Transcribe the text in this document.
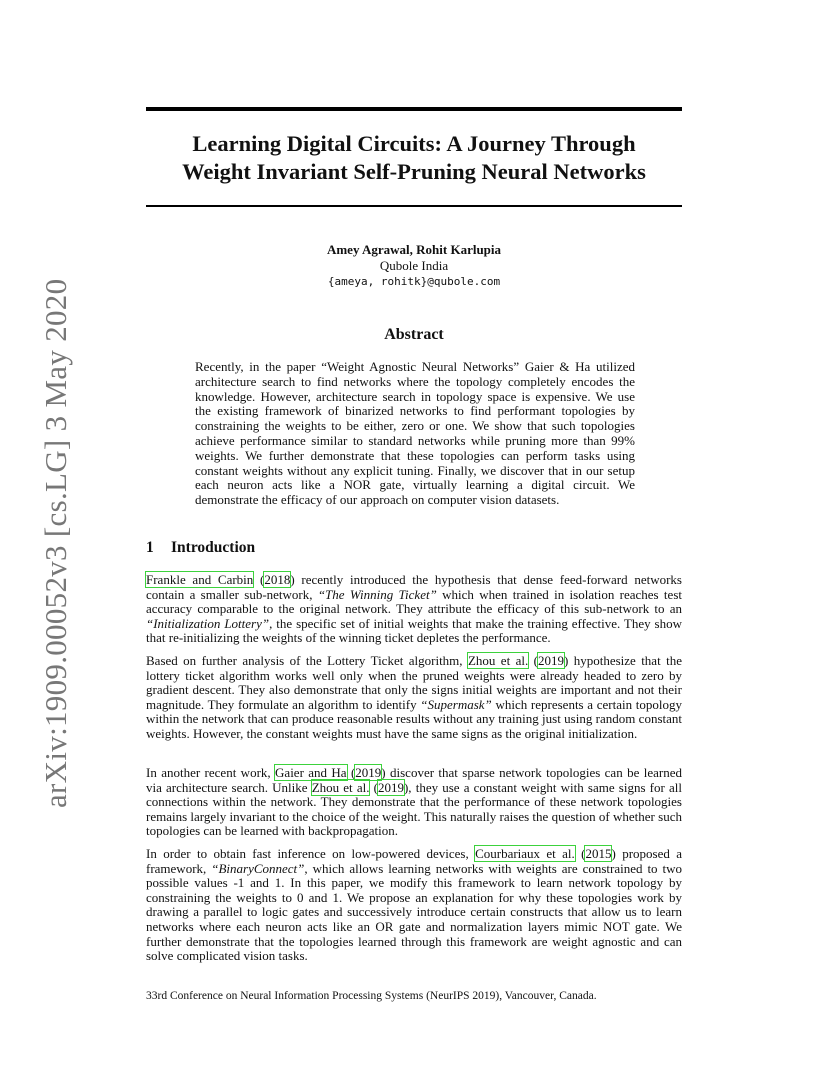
arXiv:1909.00052v3 [cs.LG] 3 May 2020
Learning Digital Circuits: A Journey Through
Weight Invariant Self-Pruning Neural Networks
Amey Agrawal, Rohit Karlupia
Qubole India
{ameya, rohitk}@qubole.com
Abstract

Recently, in the paper “Weight Agnostic Neural Networks” Gaier & Ha utilized architecture search to find networks where the topology completely encodes the knowledge. However, architecture search in topology space is expensive. We use the existing framework of binarized networks to find performant topologies by constraining the weights to be either, zero or one. We show that such topologies achieve performance similar to standard networks while pruning more than 99% weights. We further demonstrate that these topologies can perform tasks using constant weights without any explicit tuning. Finally, we discover that in our setup each neuron acts like a NOR gate, virtually learning a digital circuit. We demonstrate the efficacy of our approach on computer vision datasets.

1 Introduction

Frankle and Carbin (2018) recently introduced the hypothesis that dense feed-forward networks contain a smaller sub-network, “The Winning Ticket” which when trained in isolation reaches test accuracy comparable to the original network. They attribute the efficacy of this sub-network to an “Initialization Lottery”, the specific set of initial weights that make the training effective. They show that re-initializing the weights of the winning ticket depletes the performance.

Based on further analysis of the Lottery Ticket algorithm, Zhou et al. (2019) hypothesize that the lottery ticket algorithm works well only when the pruned weights were already headed to zero by gradient descent. They also demonstrate that only the signs initial weights are important and not their magnitude. They formulate an algorithm to identify “Supermask” which represents a certain topology within the network that can produce reasonable results without any training just using random constant weights. However, the constant weights must have the same signs as the original initialization.

In another recent work, Gaier and Ha (2019) discover that sparse network topologies can be learned via architecture search. Unlike Zhou et al. (2019), they use a constant weight with same signs for all connections within the network. They demonstrate that the performance of these network topologies remains largely invariant to the choice of the weight. This naturally raises the question of whether such topologies can be learned with backpropagation.

In order to obtain fast inference on low-powered devices, Courbariaux et al. (2015) proposed a framework, “BinaryConnect”, which allows learning networks with weights are constrained to two possible values -1 and 1. In this paper, we modify this framework to learn network topology by constraining the weights to 0 and 1. We propose an explanation for why these topologies work by drawing a parallel to logic gates and successively introduce certain constructs that allow us to learn networks where each neuron acts like an OR gate and normalization layers mimic NOT gate. We further demonstrate that the topologies learned through this framework are weight agnostic and can solve complicated vision tasks.

33rd Conference on Neural Information Processing Systems (NeurIPS 2019), Vancouver, Canada.
